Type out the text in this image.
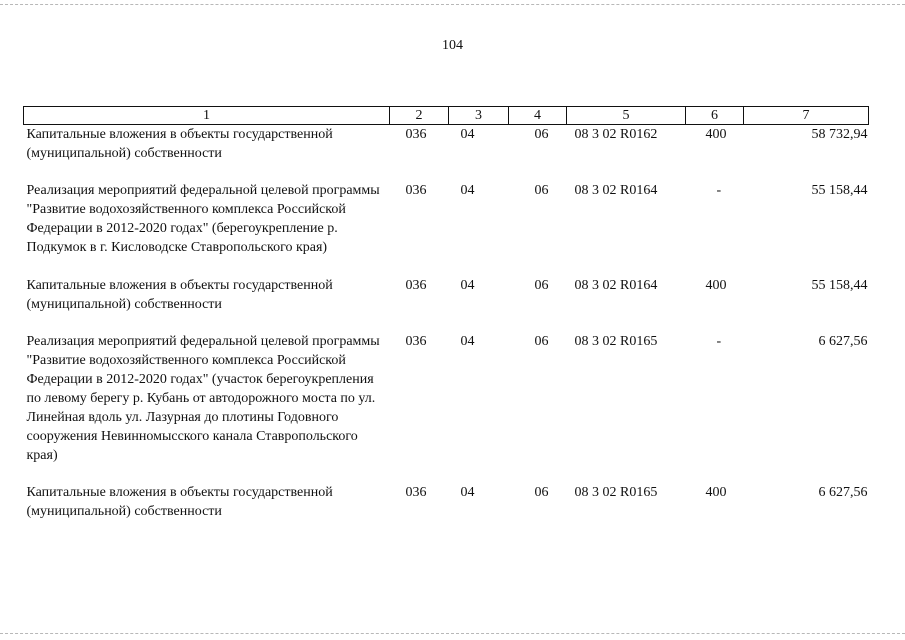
104
1	2	3	4	5	6	7
Капитальные вложения в объекты государственной (муниципальной) собственности	036	04	06	08 3 02 R0162	400	58 732,94

Реализация мероприятий федеральной целевой программы "Развитие водохозяйственного комплекса Российской Федерации в 2012-2020 годах" (берегоукрепление р. Подкумок в г. Кисловодске Ставропольского края)	036	04	06	08 3 02 R0164	-	55 158,44
Капитальные вложения в объекты государственной (муниципальной) собственности	036	04	06	08 3 02 R0164	400	55 158,44

Реализация мероприятий федеральной целевой программы "Развитие водохозяйственного комплекса Российской Федерации в 2012-2020 годах" (участок берегоукрепления по левому берегу р. Кубань от автодорожного моста по ул. Линейная вдоль ул. Лазурная до плотины Годовного сооружения Невинномысского канала Ставропольского края)	036	04	06	08 3 02 R0165	-	6 627,56

Капитальные вложения в объекты государственной (муниципальной) собственности	036	04	06	08 3 02 R0165	400	6 627,56
